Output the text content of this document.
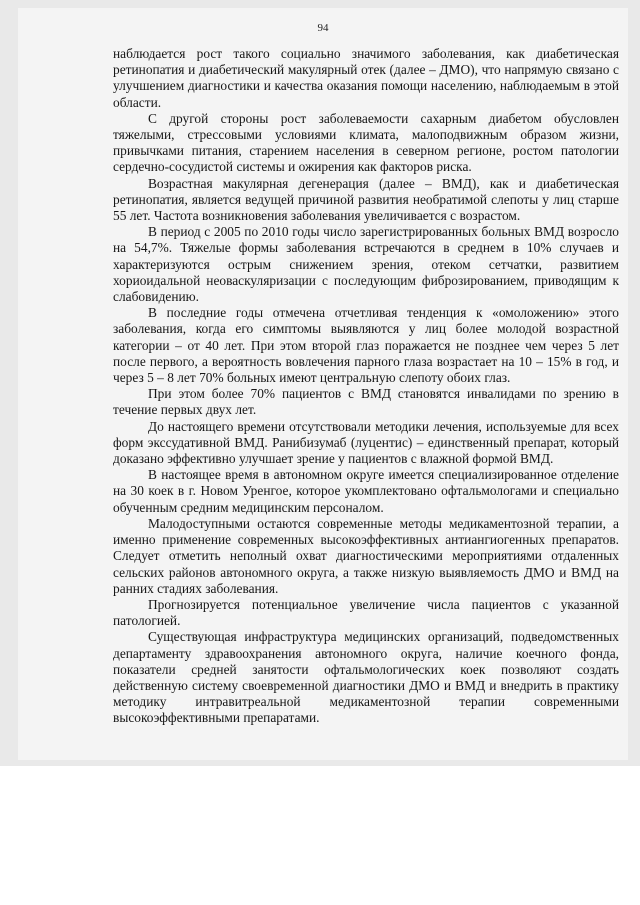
94

наблюдается рост такого социально значимого заболевания, как диабетическая ретинопатия и диабетический макулярный отек (далее – ДМО), что напрямую связано с улучшением диагностики и качества оказания помощи населению, наблюдаемым в этой области.

С другой стороны рост заболеваемости сахарным диабетом обусловлен тяжелыми, стрессовыми условиями климата, малоподвижным образом жизни, привычками питания, старением населения в северном регионе, ростом патологии сердечно-сосудистой системы и ожирения как факторов риска.

Возрастная макулярная дегенерация (далее – ВМД), как и диабетическая ретинопатия, является ведущей причиной развития необратимой слепоты у лиц старше 55 лет. Частота возникновения заболевания увеличивается с возрастом.

В период с 2005 по 2010 годы число зарегистрированных больных ВМД возросло на 54,7%. Тяжелые формы заболевания встречаются в среднем в 10% случаев и характеризуются острым снижением зрения, отеком сетчатки, развитием хориоидальной неоваскуляризации с последующим фиброзированием, приводящим к слабовидению.

В последние годы отмечена отчетливая тенденция к «омоложению» этого заболевания, когда его симптомы выявляются у лиц более молодой возрастной категории – от 40 лет. При этом второй глаз поражается не позднее чем через 5 лет после первого, а вероятность вовлечения парного глаза возрастает на 10 – 15% в год, и через 5 – 8 лет 70% больных имеют центральную слепоту обоих глаз.

При этом более 70% пациентов с ВМД становятся инвалидами по зрению в течение первых двух лет.

До настоящего времени отсутствовали методики лечения, используемые для всех форм экссудативной ВМД. Ранибизумаб (луцентис) – единственный препарат, который доказано эффективно улучшает зрение у пациентов с влажной формой ВМД.

В настоящее время в автономном округе имеется специализированное отделение на 30 коек в г. Новом Уренгое, которое укомплектовано офтальмологами и специально обученным средним медицинским персоналом.

Малодоступными остаются современные методы медикаментозной терапии, а именно применение современных высокоэффективных антиангиогенных препаратов. Следует отметить неполный охват диагностическими мероприятиями отдаленных сельских районов автономного округа, а также низкую выявляемость ДМО и ВМД на ранних стадиях заболевания.

Прогнозируется потенциальное увеличение числа пациентов с указанной патологией.

Существующая инфраструктура медицинских организаций, подведомственных департаменту здравоохранения автономного округа, наличие коечного фонда, показатели средней занятости офтальмологических коек позволяют создать действенную систему своевременной диагностики ДМО и ВМД и внедрить в практику методику интравитреальной медикаментозной терапии современными высокоэффективными препаратами.
